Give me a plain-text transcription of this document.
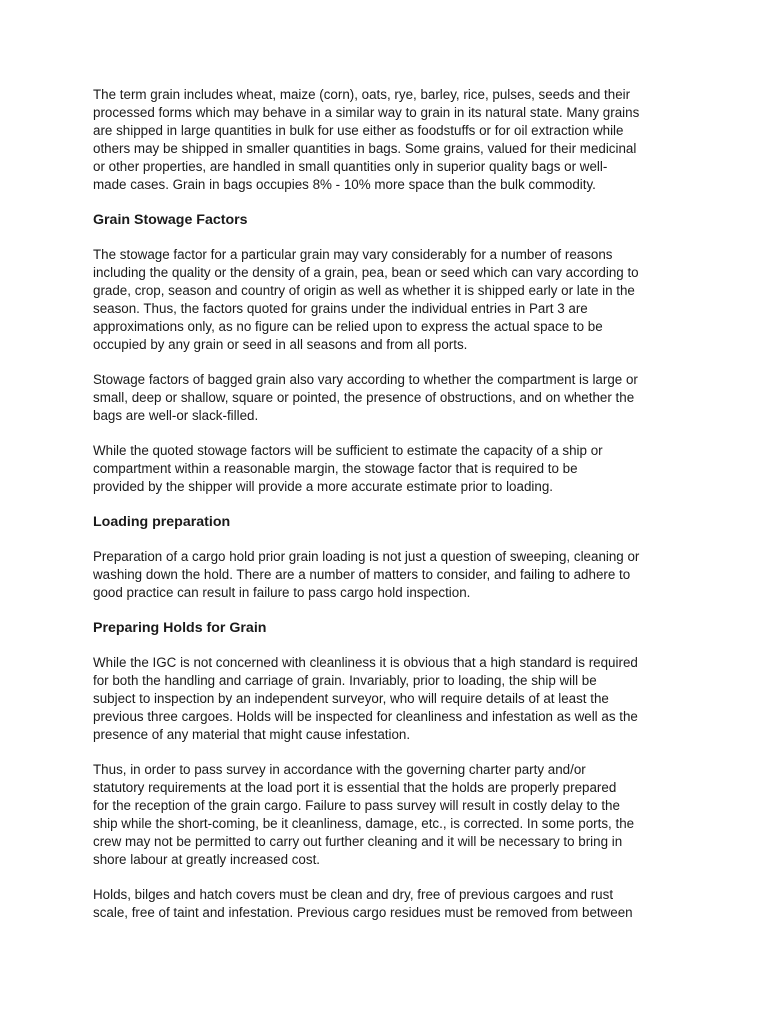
The term grain includes wheat, maize (corn), oats, rye, barley, rice, pulses, seeds and their
processed forms which may behave in a similar way to grain in its natural state. Many grains
are shipped in large quantities in bulk for use either as foodstuffs or for oil extraction while
others may be shipped in smaller quantities in bags. Some grains, valued for their medicinal
or other properties, are handled in small quantities only in superior quality bags or well-
made cases. Grain in bags occupies 8% - 10% more space than the bulk commodity.

Grain Stowage Factors

The stowage factor for a particular grain may vary considerably for a number of reasons
including the quality or the density of a grain, pea, bean or seed which can vary according to
grade, crop, season and country of origin as well as whether it is shipped early or late in the
season. Thus, the factors quoted for grains under the individual entries in Part 3 are
approximations only, as no figure can be relied upon to express the actual space to be
occupied by any grain or seed in all seasons and from all ports.

Stowage factors of bagged grain also vary according to whether the compartment is large or
small, deep or shallow, square or pointed, the presence of obstructions, and on whether the
bags are well-or slack-filled.

While the quoted stowage factors will be sufficient to estimate the capacity of a ship or
compartment within a reasonable margin, the stowage factor that is required to be
provided by the shipper will provide a more accurate estimate prior to loading.

Loading preparation

Preparation of a cargo hold prior grain loading is not just a question of sweeping, cleaning or
washing down the hold. There are a number of matters to consider, and failing to adhere to
good practice can result in failure to pass cargo hold inspection.

Preparing Holds for Grain

While the IGC is not concerned with cleanliness it is obvious that a high standard is required
for both the handling and carriage of grain. Invariably, prior to loading, the ship will be
subject to inspection by an independent surveyor, who will require details of at least the
previous three cargoes. Holds will be inspected for cleanliness and infestation as well as the
presence of any material that might cause infestation.

Thus, in order to pass survey in accordance with the governing charter party and/or
statutory requirements at the load port it is essential that the holds are properly prepared
for the reception of the grain cargo. Failure to pass survey will result in costly delay to the
ship while the short-coming, be it cleanliness, damage, etc., is corrected. In some ports, the
crew may not be permitted to carry out further cleaning and it will be necessary to bring in
shore labour at greatly increased cost.

Holds, bilges and hatch covers must be clean and dry, free of previous cargoes and rust
scale, free of taint and infestation. Previous cargo residues must be removed from between
